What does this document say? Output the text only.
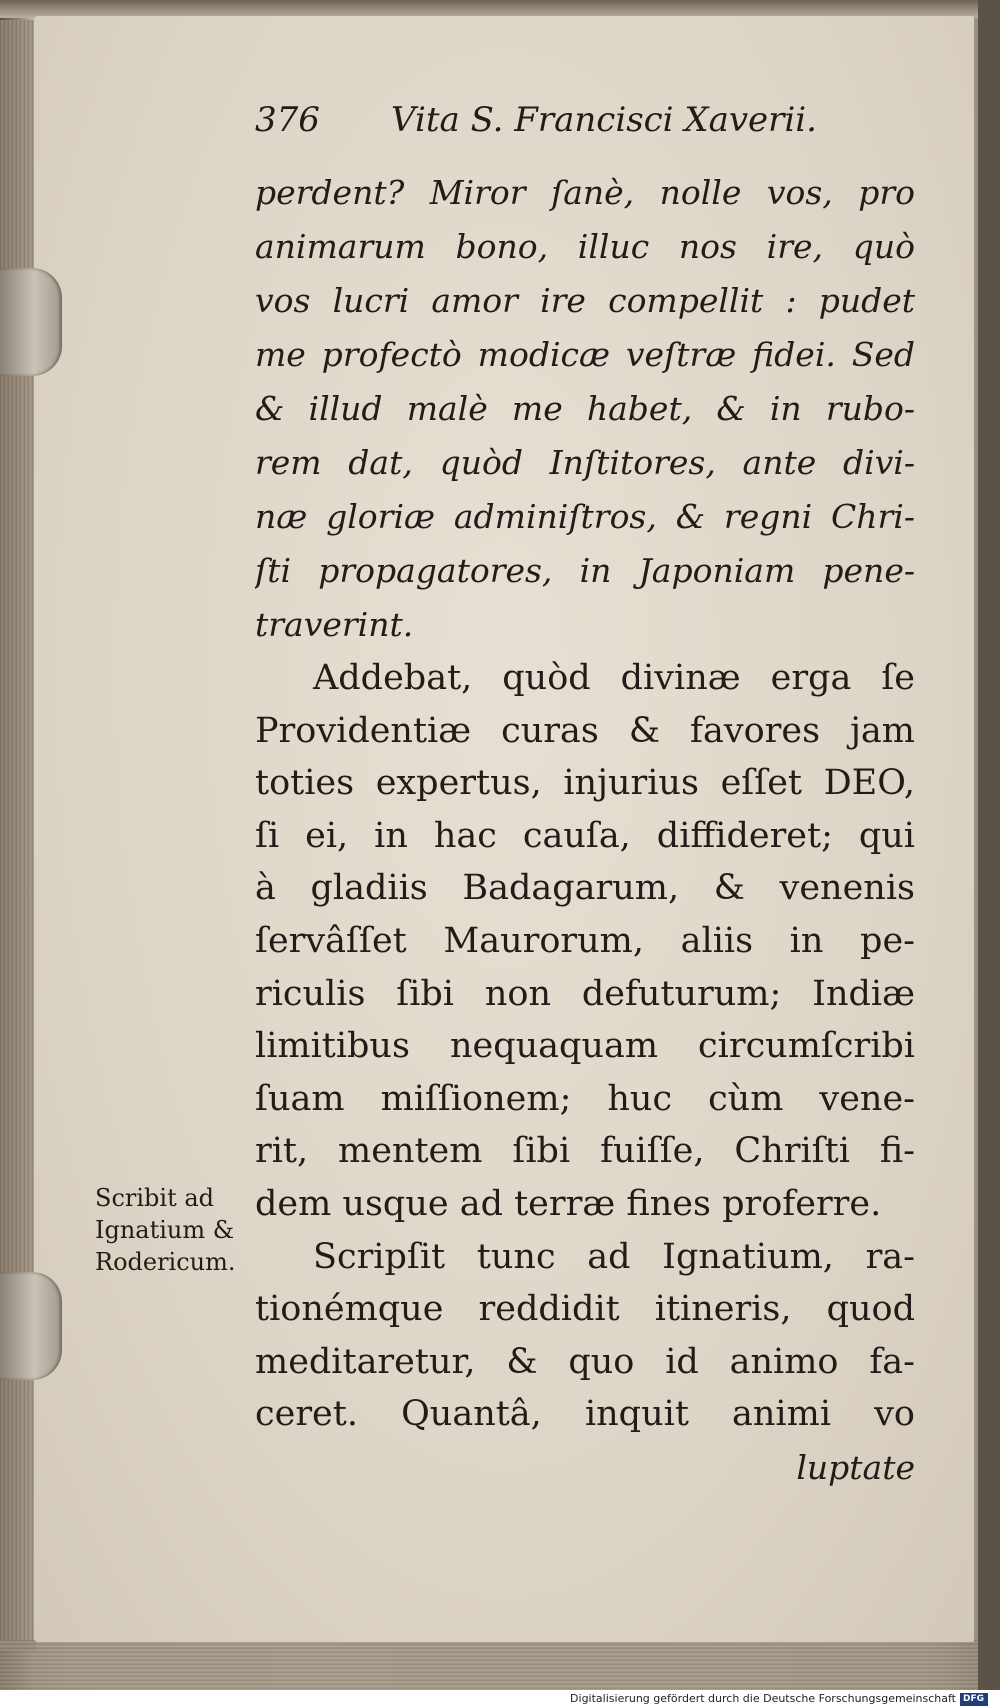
376	Vita S. Francisci Xaverii.
perdent? Miror ſanè, nolle vos, pro
animarum bono, illuc nos ire, quò
vos lucri amor ire compellit : pudet
me profectò modicæ veſtræ fidei. Sed
& illud malè me habet, & in rubo-
rem dat, quòd Inſtitores, ante divi-
næ gloriæ adminiſtros, & regni Chri-
ſti propagatores, in Japoniam pene-
traverint.
Addebat, quòd divinæ erga ſe
Providentiæ curas & favores jam
toties expertus, injurius eſſet DEO,
ſi ei, in hac cauſa, diffideret; qui
à gladiis Badagarum, & venenis
ſervâſſet Maurorum, aliis in pe-
riculis ſibi non defuturum; Indiæ
limitibus nequaquam circumſcribi
ſuam miſſionem; huc cùm vene-
rit, mentem ſibi fuiſſe, Chriſti fi-
dem usque ad terræ fines proferre.
Scripſit tunc ad Ignatium, ra-
tionémque reddidit itineris, quod
meditaretur, & quo id animo fa-
ceret. Quantâ, inquit animi vo
luptate
Scribit ad
Ignatium &
Rodericum.
Digitalisierung gefördert durch die Deutsche Forschungsgemeinschaft DFG
